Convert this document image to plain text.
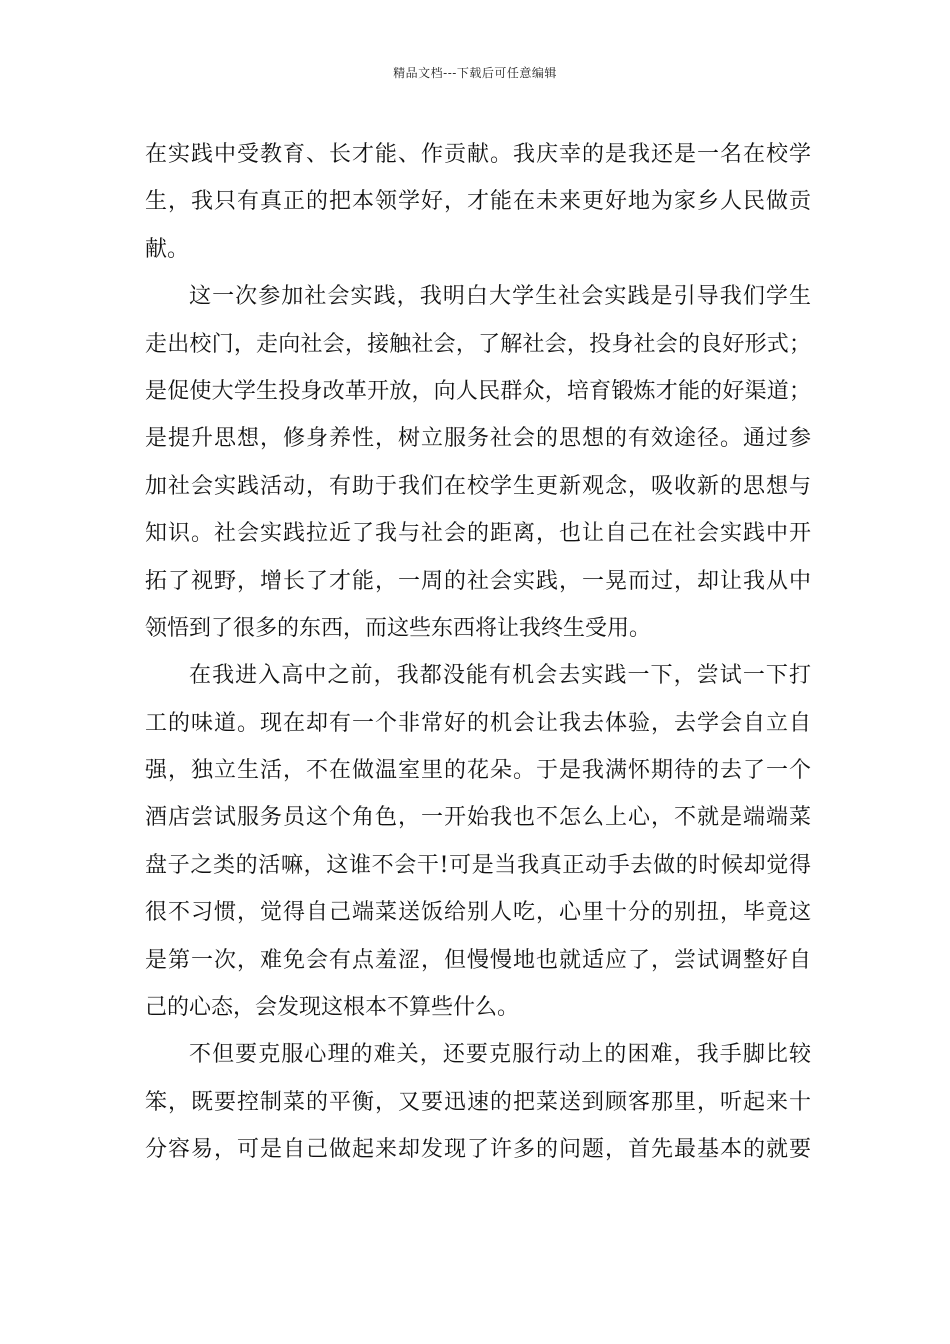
精品文档---下载后可任意编辑
在实践中受教育、长才能、作贡献。我庆幸的是我还是一名在校学
生，我只有真正的把本领学好，才能在未来更好地为家乡人民做贡
献。
这一次参加社会实践，我明白大学生社会实践是引导我们学生
走出校门，走向社会，接触社会，了解社会，投身社会的良好形式；
是促使大学生投身改革开放，向人民群众，培育锻炼才能的好渠道；
是提升思想，修身养性，树立服务社会的思想的有效途径。通过参
加社会实践活动，有助于我们在校学生更新观念，吸收新的思想与
知识。社会实践拉近了我与社会的距离，也让自己在社会实践中开
拓了视野，增长了才能，一周的社会实践，一晃而过，却让我从中
领悟到了很多的东西，而这些东西将让我终生受用。
在我进入高中之前，我都没能有机会去实践一下，尝试一下打
工的味道。现在却有一个非常好的机会让我去体验，去学会自立自
强，独立生活，不在做温室里的花朵。于是我满怀期待的去了一个
酒店尝试服务员这个角色，一开始我也不怎么上心，不就是端端菜
盘子之类的活嘛，这谁不会干!可是当我真正动手去做的时候却觉得
很不习惯，觉得自己端菜送饭给别人吃，心里十分的别扭，毕竟这
是第一次，难免会有点羞涩，但慢慢地也就适应了，尝试调整好自
己的心态，会发现这根本不算些什么。
不但要克服心理的难关，还要克服行动上的困难，我手脚比较
笨，既要控制菜的平衡，又要迅速的把菜送到顾客那里，听起来十
分容易，可是自己做起来却发现了许多的问题，首先最基本的就要
